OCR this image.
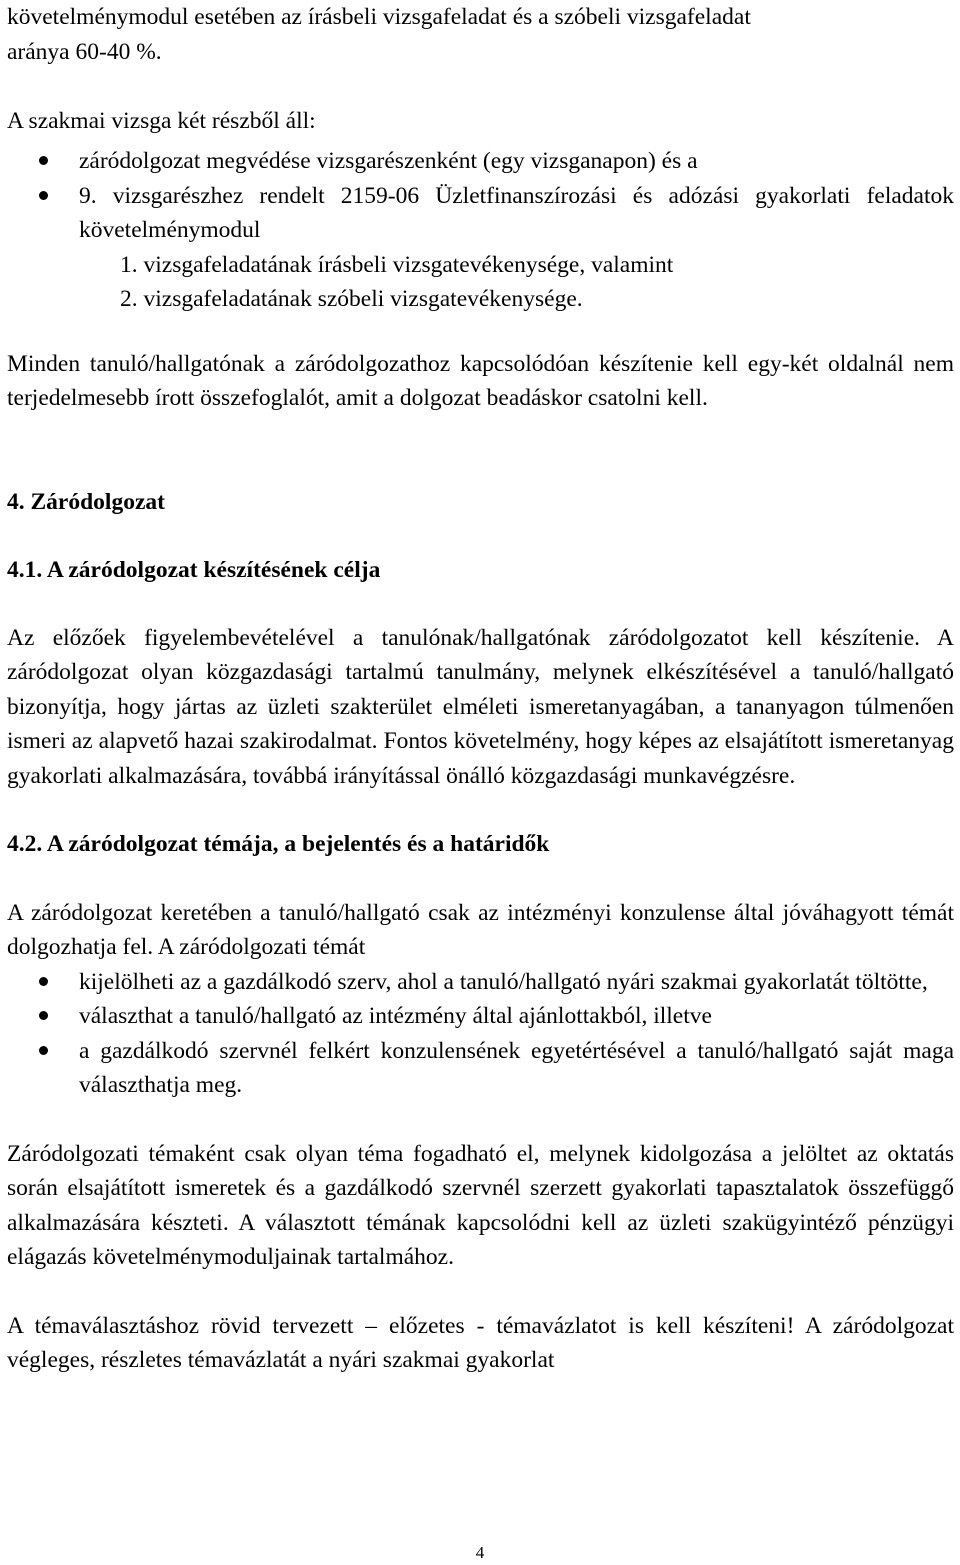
követelménymodul esetében az írásbeli vizsgafeladat és a szóbeli vizsgafeladat

aránya 60-40 %.

A szakmai vizsga két részből áll:

záródolgozat megvédése vizsgarészenként (egy vizsganapon) és a
9. vizsgarészhez rendelt 2159-06 Üzletfinanszírozási és adózási gyakorlati feladatok követelménymodul

1. vizsgafeladatának írásbeli vizsgatevékenysége, valamint

2. vizsgafeladatának szóbeli vizsgatevékenysége.

Minden tanuló/hallgatónak a záródolgozathoz kapcsolódóan készítenie kell egy-két oldalnál nem terjedelmesebb írott összefoglalót, amit a dolgozat beadáskor csatolni kell.

4. Záródolgozat

4.1. A záródolgozat készítésének célja

Az előzőek figyelembevételével a tanulónak/hallgatónak záródolgozatot kell készítenie. A záródolgozat olyan közgazdasági tartalmú tanulmány, melynek elkészítésével a tanuló/hallgató bizonyítja, hogy jártas az üzleti szakterület elméleti ismeretanyagában, a tananyagon túlmenően ismeri az alapvető hazai szakirodalmat. Fontos követelmény, hogy képes az elsajátított ismeretanyag gyakorlati alkalmazására, továbbá irányítással önálló közgazdasági munkavégzésre.

4.2. A záródolgozat témája, a bejelentés és a határidők

A záródolgozat keretében a tanuló/hallgató csak az intézményi konzulense által jóváhagyott témát dolgozhatja fel. A záródolgozati témát

kijelölheti az a gazdálkodó szerv, ahol a tanuló/hallgató nyári szakmai gyakorlatát töltötte,
választhat a tanuló/hallgató az intézmény által ajánlottakból, illetve
a gazdálkodó szervnél felkért konzulensének egyetértésével a tanuló/hallgató saját maga választhatja meg.

Záródolgozati témaként csak olyan téma fogadható el, melynek kidolgozása a jelöltet az oktatás során elsajátított ismeretek és a gazdálkodó szervnél szerzett gyakorlati tapasztalatok összefüggő alkalmazására készteti. A választott témának kapcsolódni kell az üzleti szakügyintéző pénzügyi elágazás követelménymoduljainak tartalmához.

A témaválasztáshoz rövid tervezett – előzetes - témavázlatot is kell készíteni! A záródolgozat végleges, részletes témavázlatát a nyári szakmai gyakorlat

4
